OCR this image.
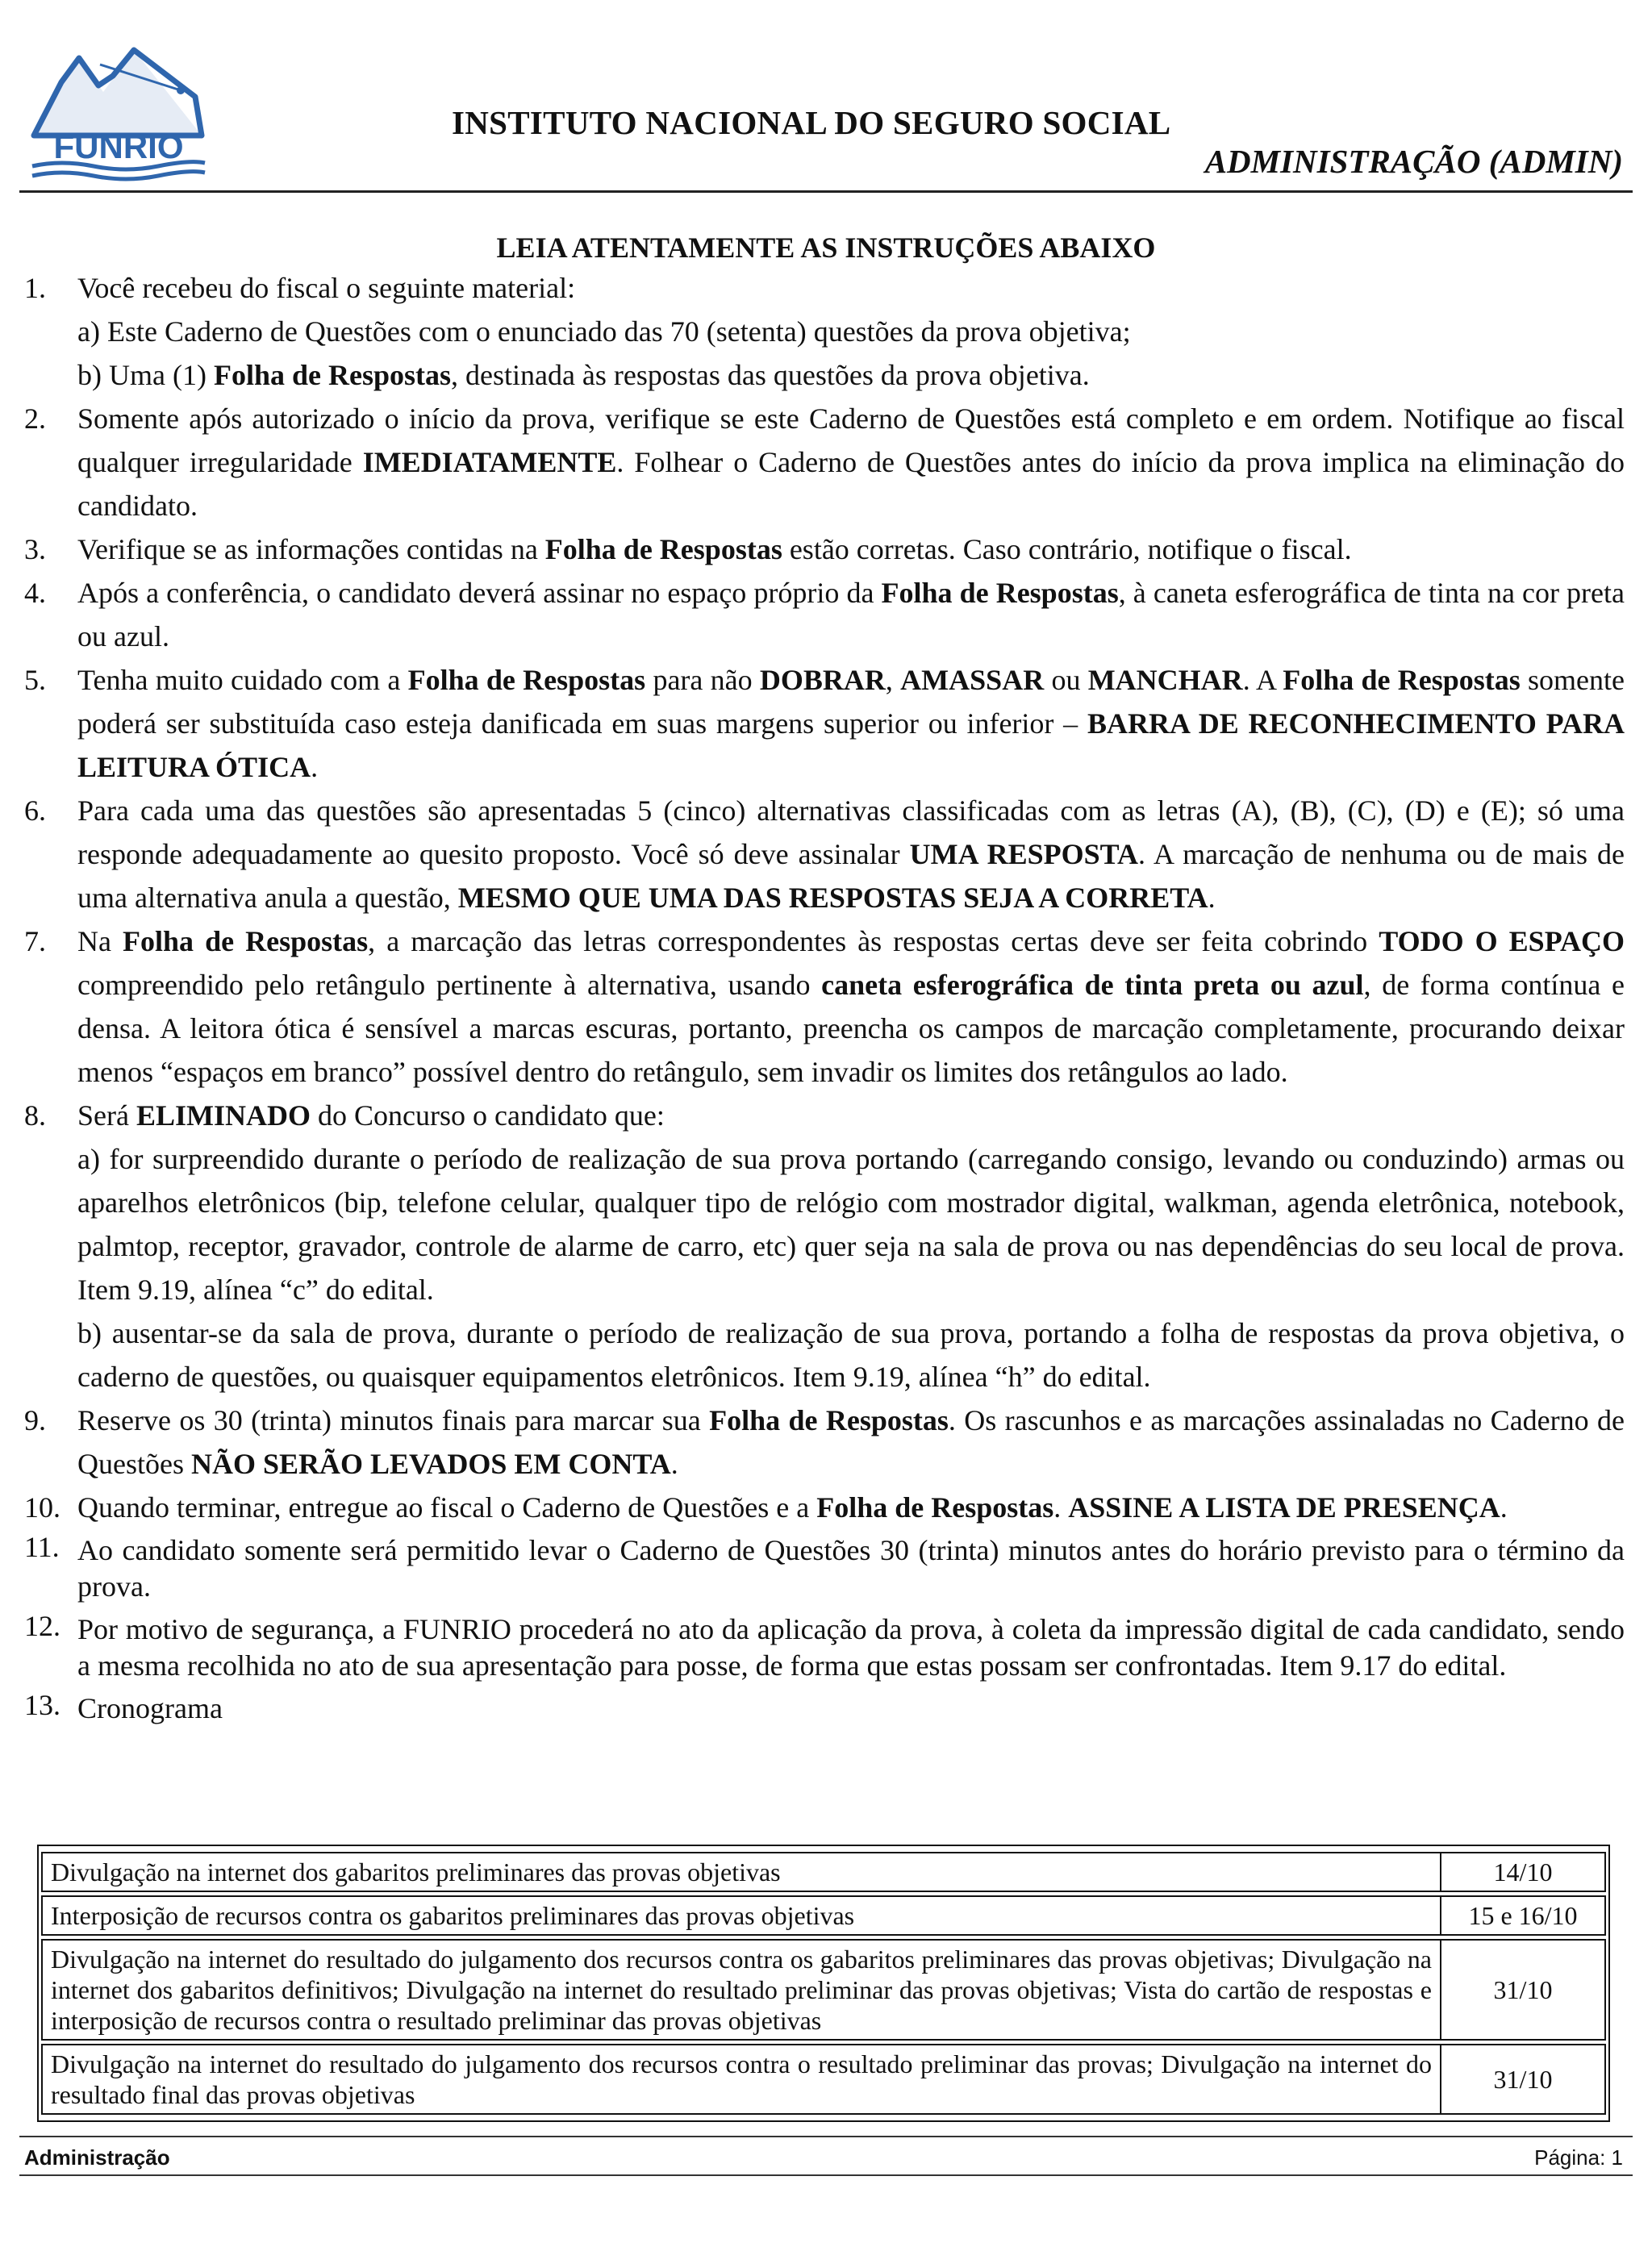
FUNRIO
INSTITUTO NACIONAL DO SEGURO SOCIAL
ADMINISTRAÇÃO (ADMIN)
LEIA ATENTAMENTE AS INSTRUÇÕES ABAIXO
1.	Você recebeu do fiscal o seguinte material:

a) Este Caderno de Questões com o enunciado das 70 (setenta) questões da prova objetiva;

b) Uma (1) Folha de Respostas, destinada às respostas das questões da prova objetiva.

2.	Somente após autorizado o início da prova, verifique se este Caderno de Questões está completo e em ordem. Notifique ao fiscal qualquer irregularidade IMEDIATAMENTE. Folhear o Caderno de Questões antes do início da prova implica na eliminação do candidato.

3.	Verifique se as informações contidas na Folha de Respostas estão corretas. Caso contrário, notifique o fiscal.

4.	Após a conferência, o candidato deverá assinar no espaço próprio da Folha de Respostas, à caneta esferográfica de tinta na cor preta ou azul.

5.	Tenha muito cuidado com a Folha de Respostas para não DOBRAR, AMASSAR ou MANCHAR. A Folha de Respostas somente poderá ser substituída caso esteja danificada em suas margens superior ou inferior – BARRA DE RECONHECIMENTO PARA LEITURA ÓTICA.

6.	Para cada uma das questões são apresentadas 5 (cinco) alternativas classificadas com as letras (A), (B), (C), (D) e (E); só uma responde adequadamente ao quesito proposto. Você só deve assinalar UMA RESPOSTA. A marcação de nenhuma ou de mais de uma alternativa anula a questão, MESMO QUE UMA DAS RESPOSTAS SEJA A CORRETA.

7.	Na Folha de Respostas, a marcação das letras correspondentes às respostas certas deve ser feita cobrindo TODO O ESPAÇO compreendido pelo retângulo pertinente à alternativa, usando caneta esferográfica de tinta preta ou azul, de forma contínua e densa. A leitora ótica é sensível a marcas escuras, portanto, preencha os campos de marcação completamente, procurando deixar menos “espaços em branco” possível dentro do retângulo, sem invadir os limites dos retângulos ao lado.

8.	Será ELIMINADO do Concurso o candidato que:

a) for surpreendido durante o período de realização de sua prova portando (carregando consigo, levando ou conduzindo) armas ou aparelhos eletrônicos (bip, telefone celular, qualquer tipo de relógio com mostrador digital, walkman, agenda eletrônica, notebook, palmtop, receptor, gravador, controle de alarme de carro, etc) quer seja na sala de prova ou nas dependências do seu local de prova. Item 9.19, alínea “c” do edital.

b) ausentar-se da sala de prova, durante o período de realização de sua prova, portando a folha de respostas da prova objetiva, o caderno de questões, ou quaisquer equipamentos eletrônicos. Item 9.19, alínea “h” do edital.

9.	Reserve os 30 (trinta) minutos finais para marcar sua Folha de Respostas. Os rascunhos e as marcações assinaladas no Caderno de Questões NÃO SERÃO LEVADOS EM CONTA.

10. Quando terminar, entregue ao fiscal o Caderno de Questões e a Folha de Respostas. ASSINE A LISTA DE PRESENÇA.

11. Ao candidato somente será permitido levar o Caderno de Questões 30 (trinta) minutos antes do horário previsto para o término da prova.

12. Por motivo de segurança, a FUNRIO procederá no ato da aplicação da prova, à coleta da impressão digital de cada candidato, sendo a mesma recolhida no ato de sua apresentação para posse, de forma que estas possam ser confrontadas. Item 9.17 do edital.

13. Cronograma

Divulgação na internet dos gabaritos preliminares das provas objetivas	14/10
Interposição de recursos contra os gabaritos preliminares das provas objetivas	15 e 16/10
Divulgação na internet do resultado do julgamento dos recursos contra os gabaritos preliminares das provas objetivas; Divulgação na internet dos gabaritos definitivos; Divulgação na internet do resultado preliminar das provas objetivas; Vista do cartão de respostas e interposição de recursos contra o resultado preliminar das provas objetivas	31/10
Divulgação na internet do resultado do julgamento dos recursos contra o resultado preliminar das provas; Divulgação na internet do resultado final das provas objetivas	31/10
Administração	Página: 1
